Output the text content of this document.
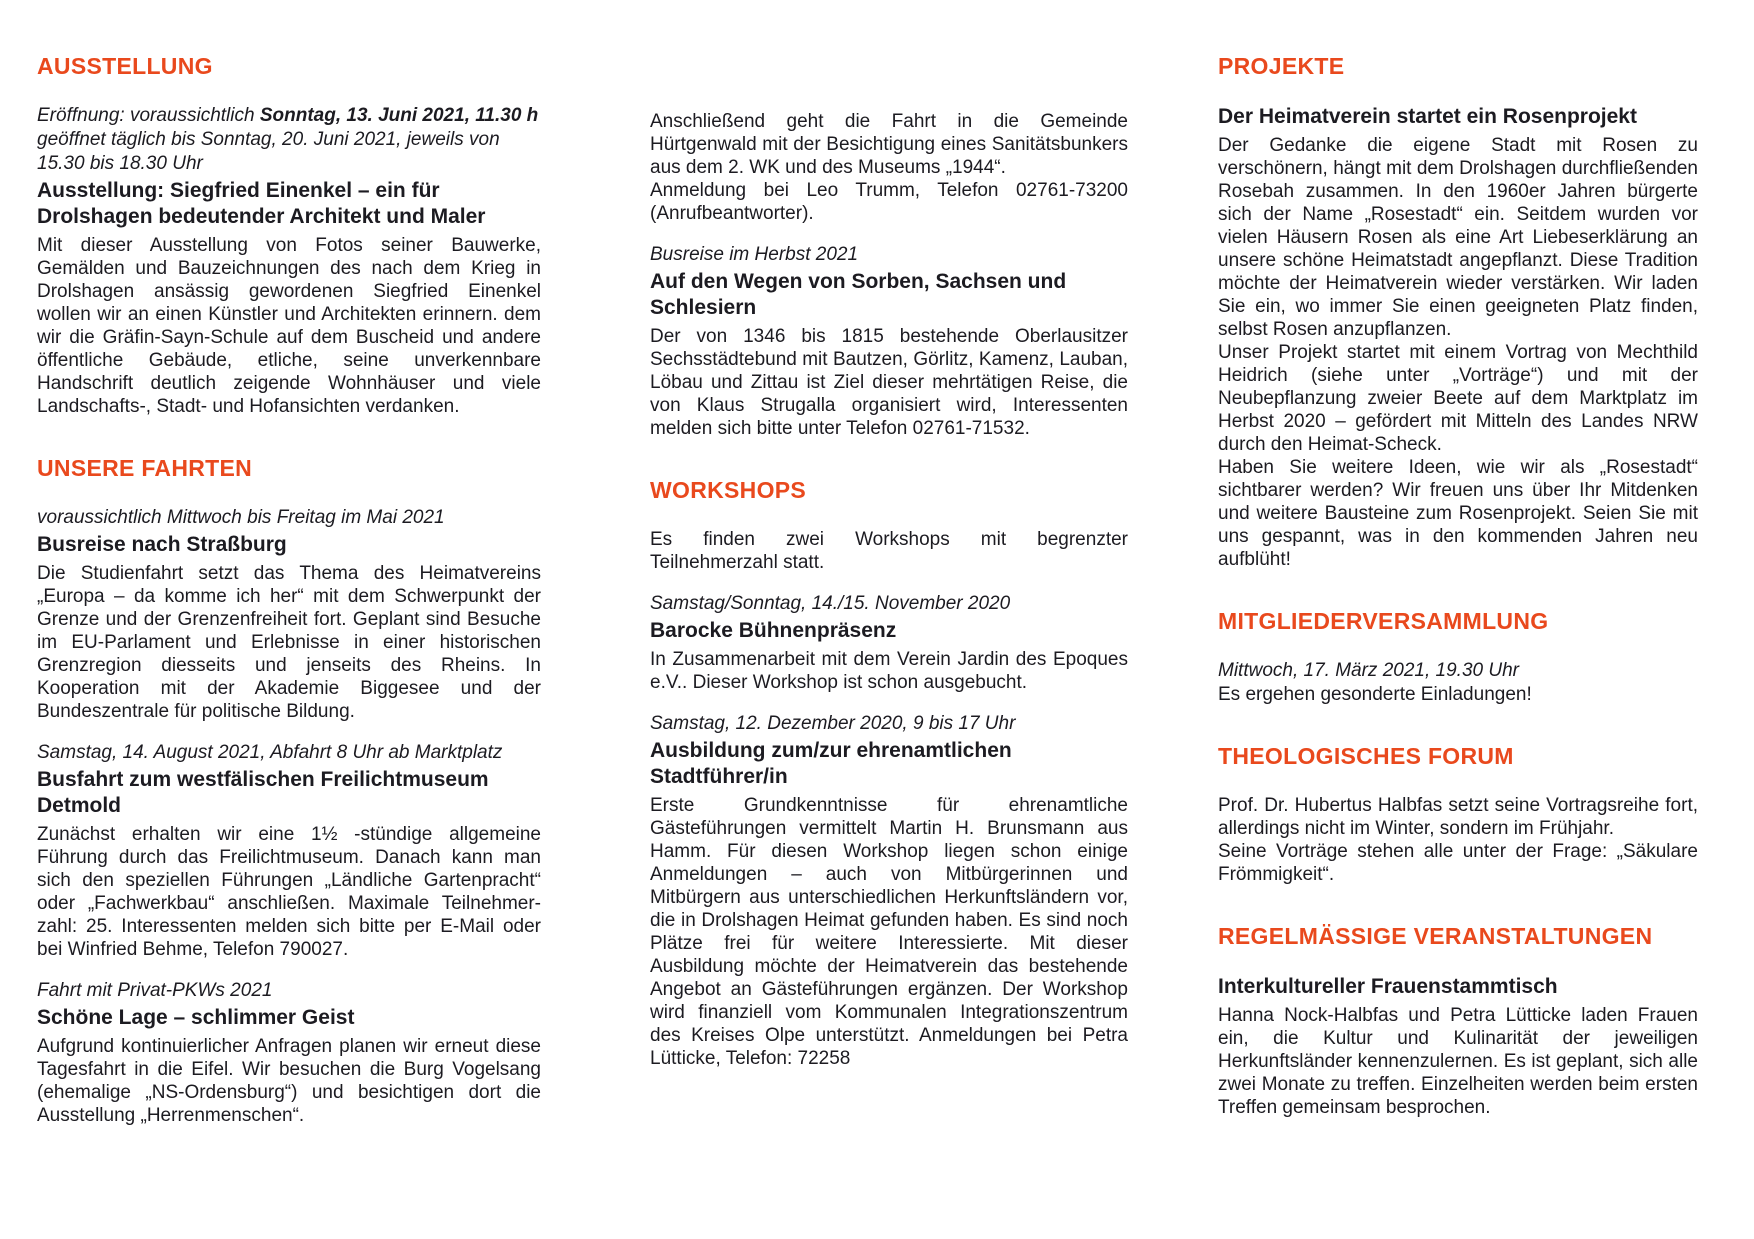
AUSSTELLUNG

Eröffnung: voraussichtlich Sonntag, 13. Juni 2021, 11.30 h geöffnet täglich bis Sonntag, 20. Juni 2021, jeweils von 15.30 bis 18.30 Uhr

Ausstellung: Siegfried Einenkel – ein für Drolshagen bedeutender Architekt und Maler

Mit dieser Ausstellung von Fotos seiner Bauwerke, Gemälden und Bauzeichnungen des nach dem Krieg in Drolshagen ansässig gewordenen Siegfried Einenkel wollen wir an einen Künstler und Architekten erinnern. dem wir die Gräfin-Sayn-Schule auf dem Buscheid und andere öffentliche Gebäude, etliche, seine unverkennbare Handschrift deutlich zeigende Wohnhäuser und viele Landschafts-, Stadt- und Hofansichten verdanken.

UNSERE FAHRTEN

voraussichtlich Mittwoch bis Freitag im Mai 2021

Busreise nach Straßburg

Die Studienfahrt setzt das Thema des Heimatvereins „Europa – da komme ich her“ mit dem Schwerpunkt der Grenze und der Grenzenfreiheit fort. Geplant sind Besuche im EU-Parlament und Erlebnisse in einer historischen Grenzregion diesseits und jenseits des Rheins. In Kooperation mit der Akademie Biggesee und der Bundeszentrale für politische Bildung.

Samstag, 14. August 2021, Abfahrt 8 Uhr ab Marktplatz

Busfahrt zum westfälischen Freilichtmuseum Detmold

Zunächst erhalten wir eine 1½ -stündige allgemeine Führung durch das Freilichtmuseum. Danach kann man sich den speziellen Führungen „Ländliche Gartenpracht“ oder „Fachwerkbau“ anschließen. Maximale Teilnehmer-zahl: 25. Interessenten melden sich bitte per E-Mail oder bei Winfried Behme, Telefon 790027.

Fahrt mit Privat-PKWs 2021

Schöne Lage – schlimmer Geist

Aufgrund kontinuierlicher Anfragen planen wir erneut diese Tagesfahrt in die Eifel. Wir besuchen die Burg Vogelsang (ehemalige „NS-Ordensburg“) und besichtigen dort die Ausstellung „Herrenmenschen“.

Anschließend geht die Fahrt in die Gemeinde Hürtgenwald mit der Besichtigung eines Sanitätsbunkers aus dem 2. WK und des Museums „1944“.

Anmeldung bei Leo Trumm, Telefon 02761-73200 (Anrufbeantworter).

Busreise im Herbst 2021

Auf den Wegen von Sorben, Sachsen und Schlesiern

Der von 1346 bis 1815 bestehende Oberlausitzer Sechsstädtebund mit Bautzen, Görlitz, Kamenz, Lauban, Löbau und Zittau ist Ziel dieser mehrtätigen Reise, die von Klaus Strugalla organisiert wird, Interessenten melden sich bitte unter Telefon 02761-71532.

WORKSHOPS

Es finden zwei Workshops mit begrenzter Teilnehmerzahl statt.

Samstag/Sonntag, 14./15. November 2020

Barocke Bühnenpräsenz

In Zusammenarbeit mit dem Verein Jardin des Epoques e.V.. Dieser Workshop ist schon ausgebucht.

Samstag, 12. Dezember 2020, 9 bis 17 Uhr

Ausbildung zum/zur ehrenamtlichen Stadtführer/in

Erste Grundkenntnisse für ehrenamtliche Gästeführungen vermittelt Martin H. Brunsmann aus Hamm. Für diesen Workshop liegen schon einige Anmeldungen – auch von Mitbürgerinnen und Mitbürgern aus unterschiedlichen Herkunftsländern vor, die in Drolshagen Heimat gefunden haben. Es sind noch Plätze frei für weitere Interessierte. Mit dieser Ausbildung möchte der Heimatverein das bestehende Angebot an Gästeführungen ergänzen. Der Workshop wird finanziell vom Kommunalen Integrationszentrum des Kreises Olpe unterstützt. Anmeldungen bei Petra Lütticke, Telefon: 72258

PROJEKTE
Der Heimatverein startet ein Rosenprojekt

Der Gedanke die eigene Stadt mit Rosen zu verschönern, hängt mit dem Drolshagen durchfließenden Rosebah zusammen. In den 1960er Jahren bürgerte sich der Name „Rosestadt“ ein. Seitdem wurden vor vielen Häusern Rosen als eine Art Liebeserklärung an unsere schöne Heimatstadt angepflanzt. Diese Tradition möchte der Heimatverein wieder verstärken. Wir laden Sie ein, wo immer Sie einen geeigneten Platz finden, selbst Rosen anzupflanzen.

Unser Projekt startet mit einem Vortrag von Mechthild Heidrich (siehe unter „Vorträge“) und mit der Neubepflanzung zweier Beete auf dem Marktplatz im Herbst 2020 – gefördert mit Mitteln des Landes NRW durch den Heimat-Scheck.

Haben Sie weitere Ideen, wie wir als „Rosestadt“ sichtbarer werden? Wir freuen uns über Ihr Mitdenken und weitere Bausteine zum Rosenprojekt. Seien Sie mit uns gespannt, was in den kommenden Jahren neu aufblüht!

MITGLIEDERVERSAMMLUNG

Mittwoch, 17. März 2021, 19.30 Uhr

Es ergehen gesonderte Einladungen!

THEOLOGISCHES FORUM

Prof. Dr. Hubertus Halbfas setzt seine Vortragsreihe fort, allerdings nicht im Winter, sondern im Frühjahr.

Seine Vorträge stehen alle unter der Frage: „Säkulare Frömmigkeit“.

REGELMÄSSIGE VERANSTALTUNGEN
Interkultureller Frauenstammtisch

Hanna Nock-Halbfas und Petra Lütticke laden Frauen ein, die Kultur und Kulinarität der jeweiligen Herkunftsländer kennenzulernen. Es ist geplant, sich alle zwei Monate zu treffen. Einzelheiten werden beim ersten Treffen gemeinsam besprochen.
